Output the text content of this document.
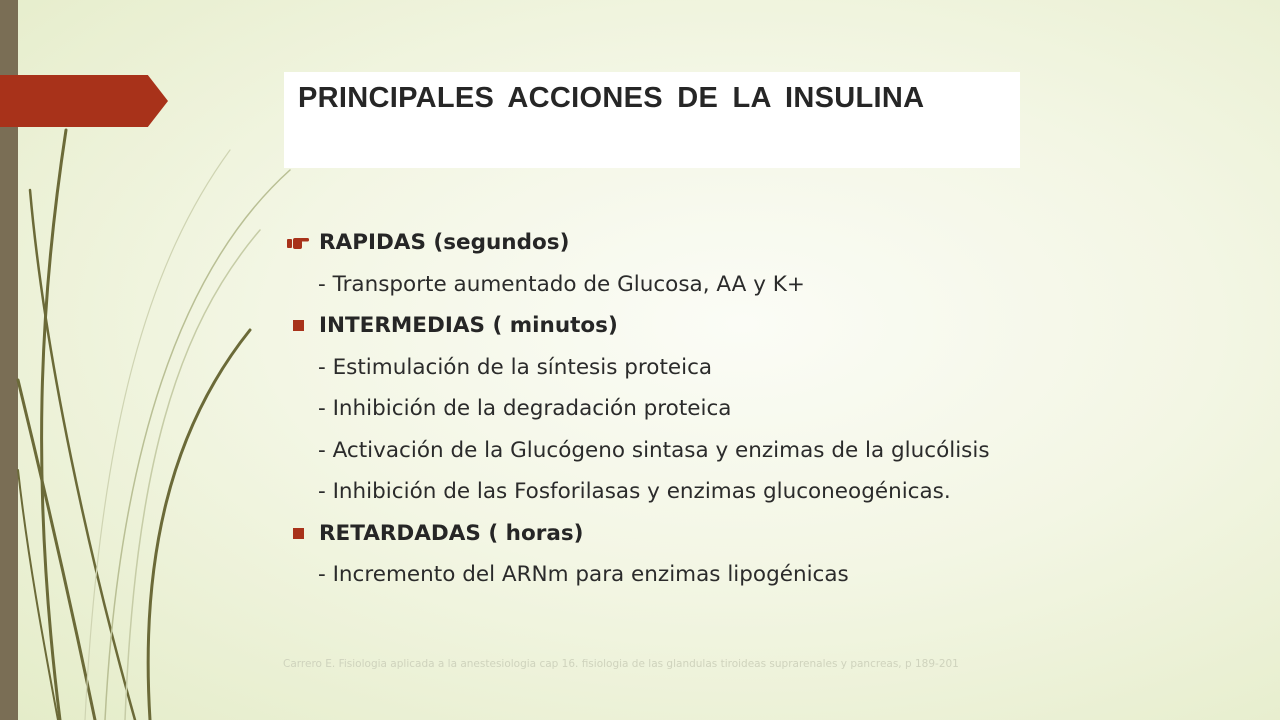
PRINCIPALES ACCIONES DE LA INSULINA
RAPIDAS (segundos)
- Transporte aumentado de Glucosa, AA y K+
INTERMEDIAS ( minutos)
- Estimulación de la síntesis proteica
- Inhibición de la degradación proteica
- Activación de la Glucógeno sintasa y enzimas de la glucólisis
- Inhibición de las Fosforilasas y enzimas gluconeogénicas.
RETARDADAS ( horas)
- Incremento del ARNm para enzimas lipogénicas
Carrero E. Fisiologia aplicada a la anestesiologia cap 16. fisiologia de las glandulas tiroideas suprarenales y pancreas, p 189-201
